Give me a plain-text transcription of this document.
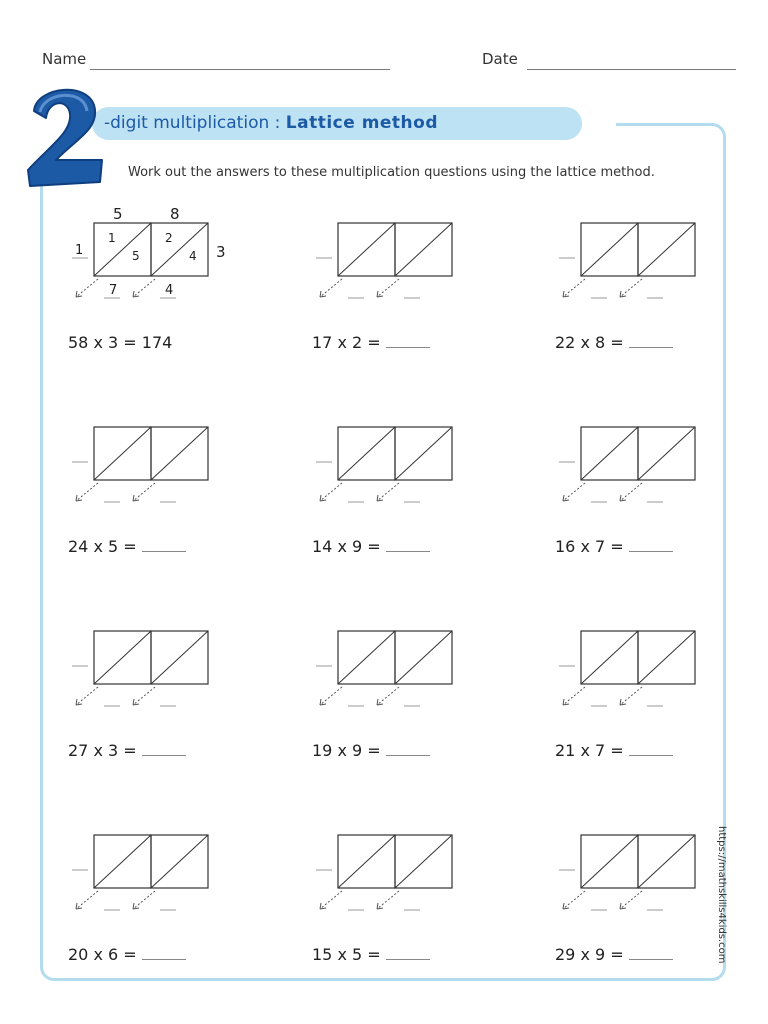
Name	Date
-digit multiplication : Lattice method
Work out the answers to these multiplication questions using the lattice method.
https://mathskills4kids.com
5	8
3
1
1
5
2
4
7	4
58 x 3 = 174	17 x 2 =	22 x 8 =
24 x 5 =	14 x 9 =	16 x 7 =
27 x 3 =	19 x 9 =	21 x 7 =
20 x 6 =	15 x 5 =	29 x 9 =
